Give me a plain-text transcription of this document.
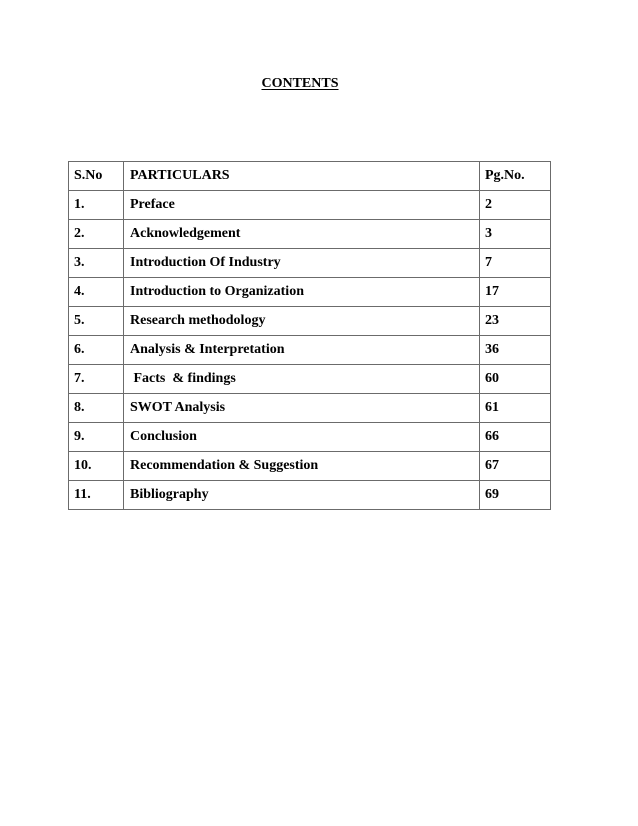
CONTENTS
S.No	PARTICULARS	Pg.No.
1.	Preface	2
2.	Acknowledgement	3
3.	Introduction Of Industry	7
4.	Introduction to Organization	17
5.	Research methodology	23
6.	Analysis & Interpretation	36
7.	Facts  & findings	60
8.	SWOT Analysis	61
9.	Conclusion	66
10.	Recommendation & Suggestion	67
11.	Bibliography	69
